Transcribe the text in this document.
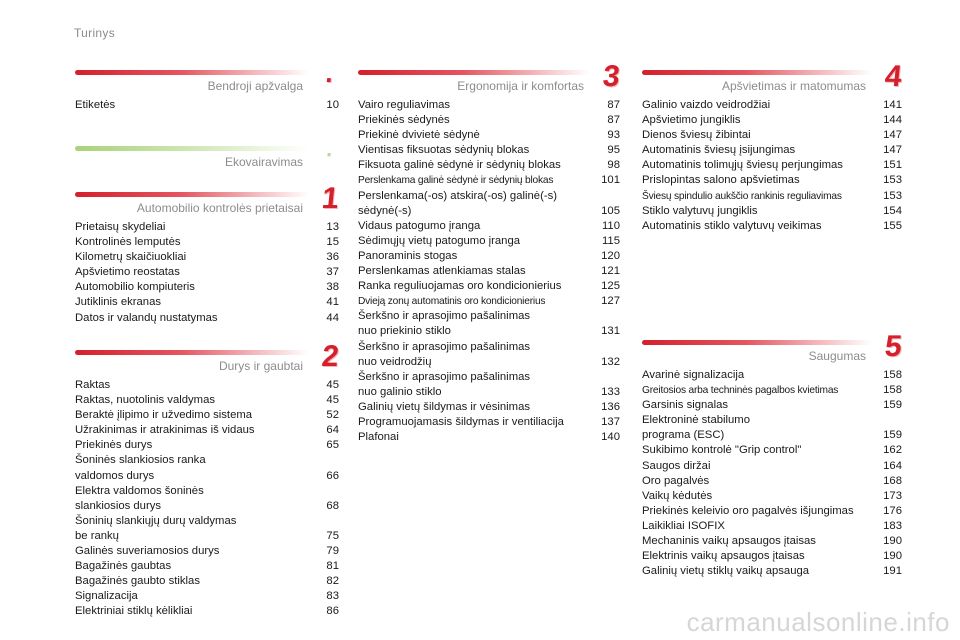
Turinys
Bendroji apžvalga .
Etiketės	10
Ekovairavimas ·
Automobilio kontrolės prietaisai 1
Prietaisų skydeliai	13
Kontrolinės lemputės	15
Kilometrų skaičiuokliai	36
Apšvietimo reostatas	37
Automobilio kompiuteris	38
Jutiklinis ekranas	41
Datos ir valandų nustatymas	44
Durys ir gaubtai 2
Raktas	45
Raktas, nuotolinis valdymas	45
Beraktė įlipimo ir užvedimo sistema	52
Užrakinimas ir atrakinimas iš vidaus	64
Priekinės durys	65
Šoninės slankiosios ranka
valdomos durys	66
Elektra valdomos šoninės
slankiosios durys	68
Šoninių slankiųjų durų valdymas
be rankų	75
Galinės suveriamosios durys	79
Bagažinės gaubtas	81
Bagažinės gaubto stiklas	82
Signalizacija	83
Elektriniai stiklų kėlikliai	86
Ergonomija ir komfortas 3
Vairo reguliavimas	87
Priekinės sėdynės	87
Priekinė dvivietė sėdynė	93
Vientisas fiksuotas sėdynių blokas	95
Fiksuota galinė sėdynė ir sėdynių blokas	98
Perslenkama galinė sėdynė ir sėdynių blokas	101
Perslenkama(-os) atskira(-os) galinė(-s)
sėdynė(-s)	105
Vidaus patogumo įranga	110
Sėdimųjų vietų patogumo įranga	115
Panoraminis stogas	120
Perslenkamas atlenkiamas stalas	121
Ranka reguliuojamas oro kondicionierius	125
Dvieją zonų automatinis oro kondicionierius	127
Šerkšno ir aprasojimo pašalinimas
nuo priekinio stiklo	131
Šerkšno ir aprasojimo pašalinimas
nuo veidrodžių	132
Šerkšno ir aprasojimo pašalinimas
nuo galinio stiklo	133
Galinių vietų šildymas ir vėsinimas	136
Programuojamasis šildymas ir ventiliacija	137
Plafonai	140
Apšvietimas ir matomumas 4
Galinio vaizdo veidrodžiai	141
Apšvietimo jungiklis	144
Dienos šviesų žibintai	147
Automatinis šviesų įsijungimas	147
Automatinis tolimųjų šviesų perjungimas	151
Prislopintas salono apšvietimas	153
Šviesų spindulio aukščio rankinis reguliavimas	153
Stiklo valytuvų jungiklis	154
Automatinis stiklo valytuvų veikimas	155
Saugumas 5
Avarinė signalizacija	158
Greitosios arba techninės pagalbos kvietimas	158
Garsinis signalas	159
Elektroninė stabilumo
programa (ESC)	159
Sukibimo kontrolė "Grip control"	162
Saugos diržai	164
Oro pagalvės	168
Vaikų kėdutės	173
Priekinės keleivio oro pagalvės išjungimas	176
Laikikliai ISOFIX	183
Mechaninis vaikų apsaugos įtaisas	190
Elektrinis vaikų apsaugos įtaisas	190
Galinių vietų stiklų vaikų apsauga	191
carmanualsonline.info
